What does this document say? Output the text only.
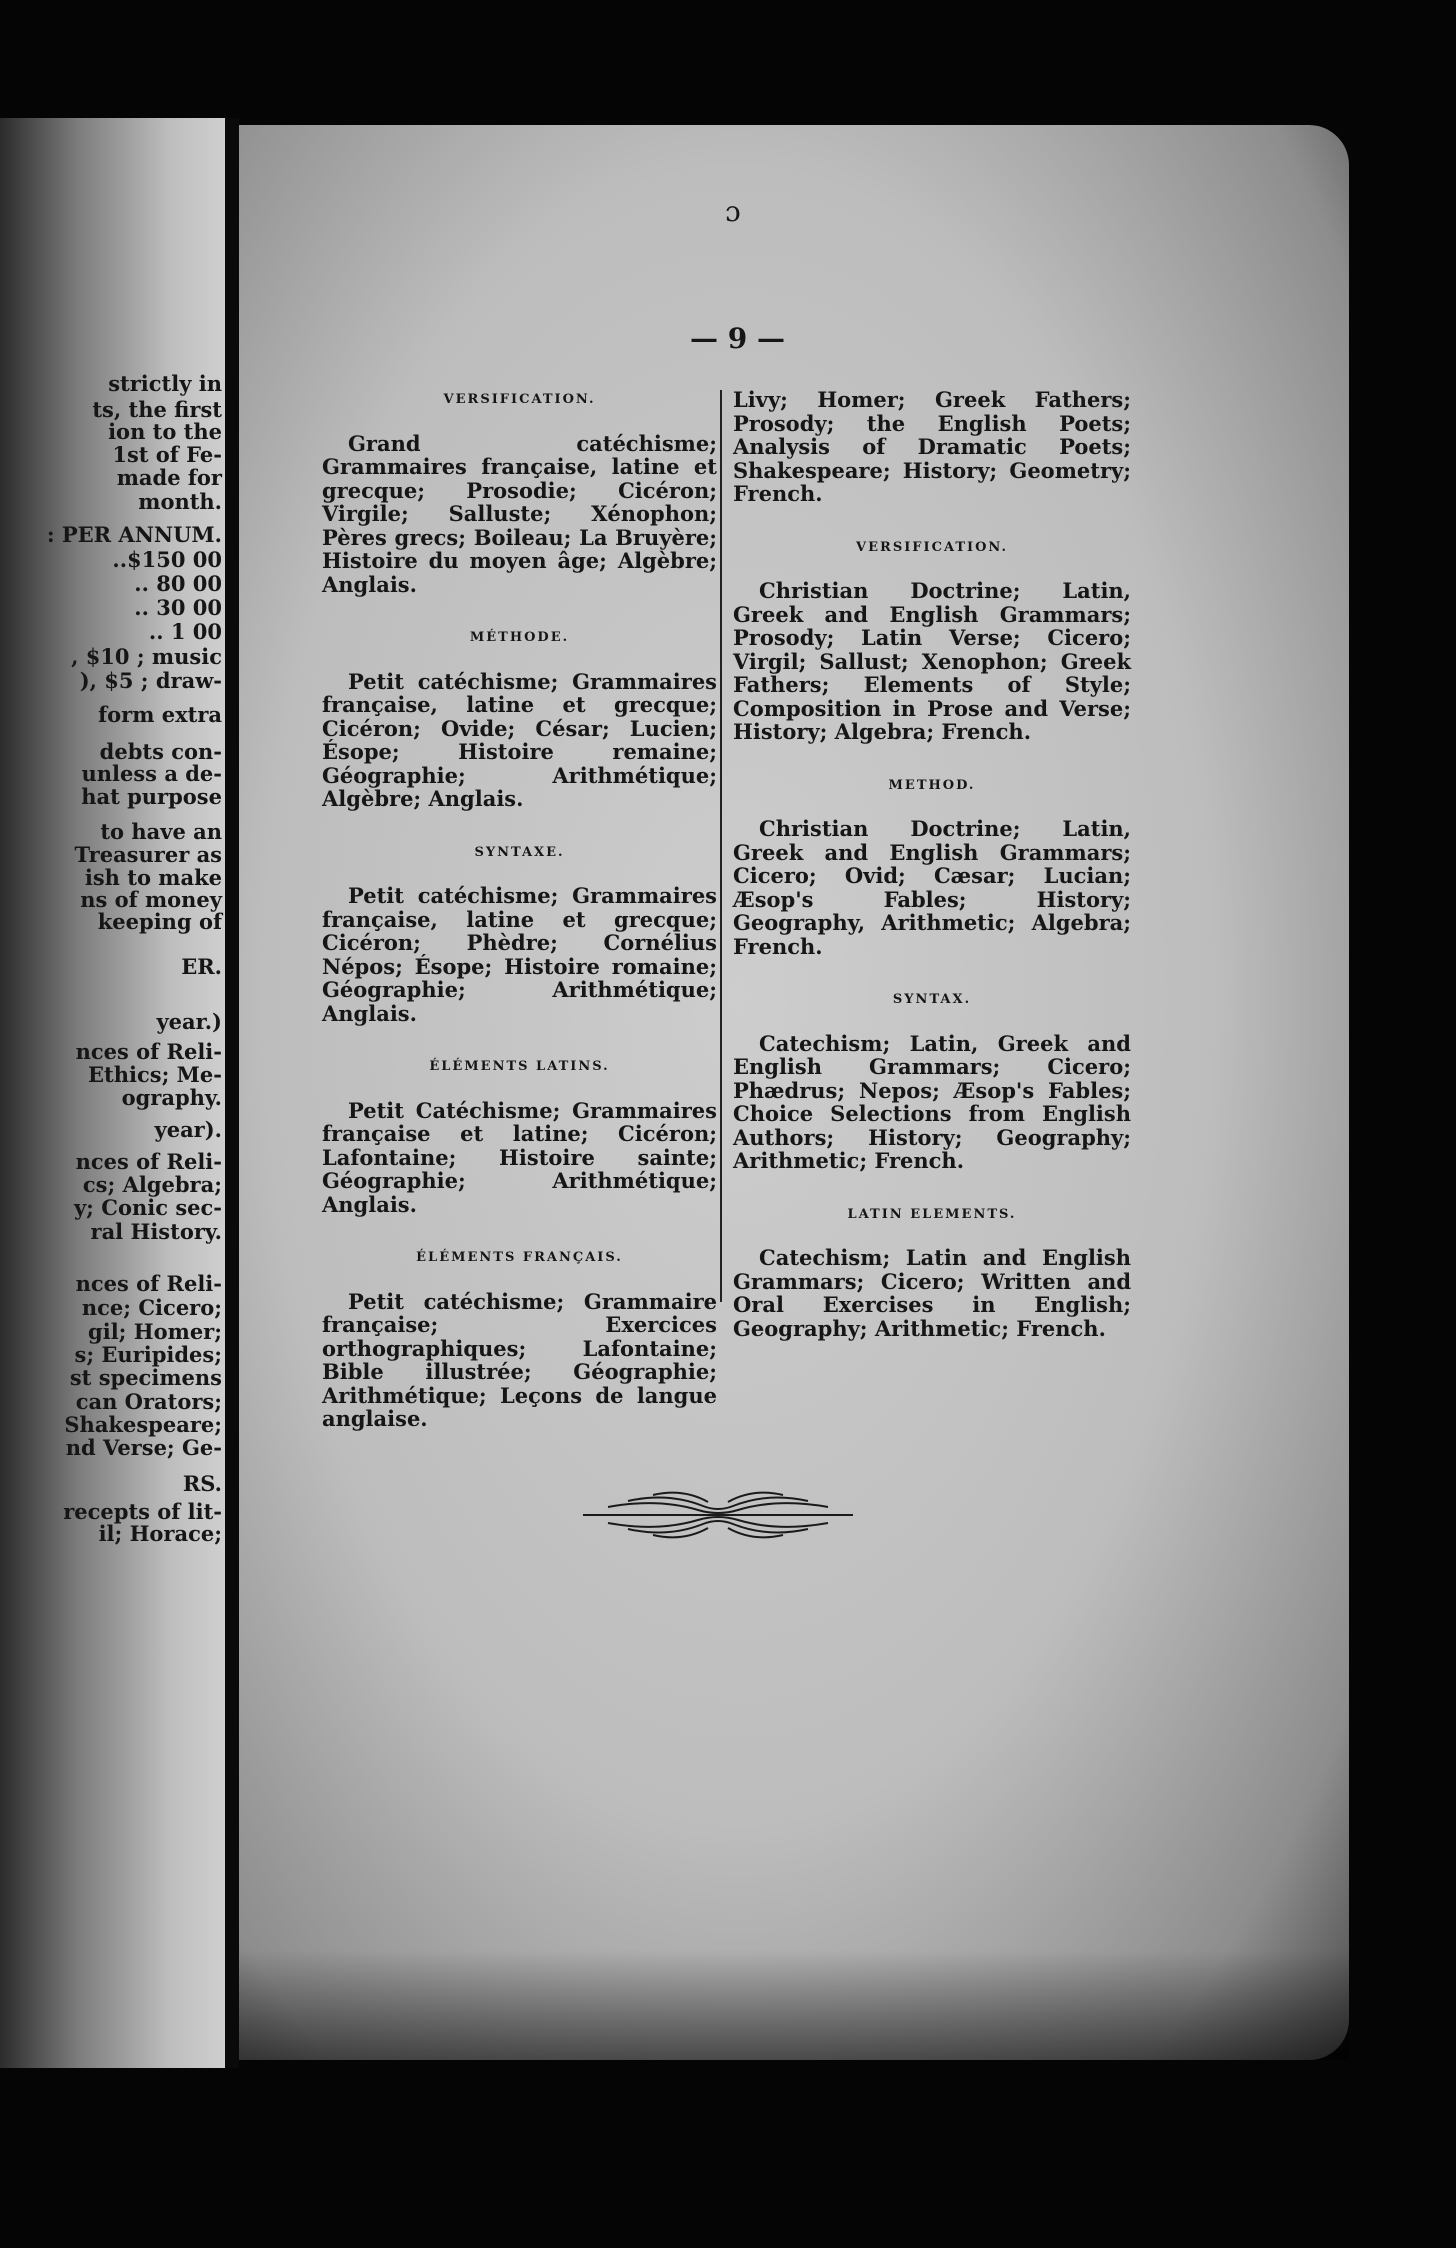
ɔ
— 9 —
VERSIFICATION.
Grand catéchisme; Grammaires française, latine et grecque; Prosodie; Cicéron; Virgile; Salluste; Xénophon; Pères grecs; Boileau; La Bruyère; Histoire du moyen âge; Algèbre; Anglais.
MÉTHODE.
Petit catéchisme; Grammaires française, latine et grecque; Cicéron; Ovide; César; Lucien; Ésope; Histoire remaine; Géographie; Arithmétique; Algèbre; Anglais.
SYNTAXE.
Petit catéchisme; Grammaires française, latine et grecque; Cicéron; Phèdre; Cornélius Népos; Ésope; Histoire romaine; Géographie; Arithmétique; Anglais.
ÉLÉMENTS LATINS.
Petit Catéchisme; Grammaires française et latine; Cicéron; Lafontaine; Histoire sainte; Géographie; Arithmétique; Anglais.
ÉLÉMENTS FRANÇAIS.
Petit catéchisme; Grammaire française; Exercices orthographiques; Lafontaine; Bible illustrée; Géographie; Arithmétique; Leçons de langue anglaise.
Livy; Homer; Greek Fathers; Prosody; the English Poets; Analysis of Dramatic Poets; Shakespeare; History; Geometry; French.
VERSIFICATION.
Christian Doctrine; Latin, Greek and English Grammars; Prosody; Latin Verse; Cicero; Virgil; Sallust; Xenophon; Greek Fathers; Elements of Style; Composition in Prose and Verse; History; Algebra; French.
METHOD.
Christian Doctrine; Latin, Greek and English Grammars; Cicero; Ovid; Cæsar; Lucian; Æsop's Fables; History; Geography, Arithmetic; Algebra; French.
SYNTAX.
Catechism; Latin, Greek and English Grammars; Cicero; Phædrus; Nepos; Æsop's Fables; Choice Selections from English Authors; History; Geography; Arithmetic; French.
LATIN ELEMENTS.
Catechism; Latin and English Grammars; Cicero; Written and Oral Exercises in English; Geography; Arithmetic; French.
strictly in
ts, the first
ion to the
1st of Fe-
made for
month.
: PER ANNUM.
..$150 00
.. 80 00
.. 30 00
.. 1 00
, $10 ; music
), $5 ; draw-
form extra
debts con-
unless a de-
hat purpose
to have an
Treasurer as
ish to make
ns of money
keeping of
ER.
year.)
nces of Reli-
Ethics; Me-
ography.
year).
nces of Reli-
cs; Algebra;
y; Conic sec-
ral History.
nces of Reli-
nce; Cicero;
gil; Homer;
s; Euripides;
st specimens
can Orators;
Shakespeare;
nd Verse; Ge-
RS.
recepts of lit-
il; Horace;
